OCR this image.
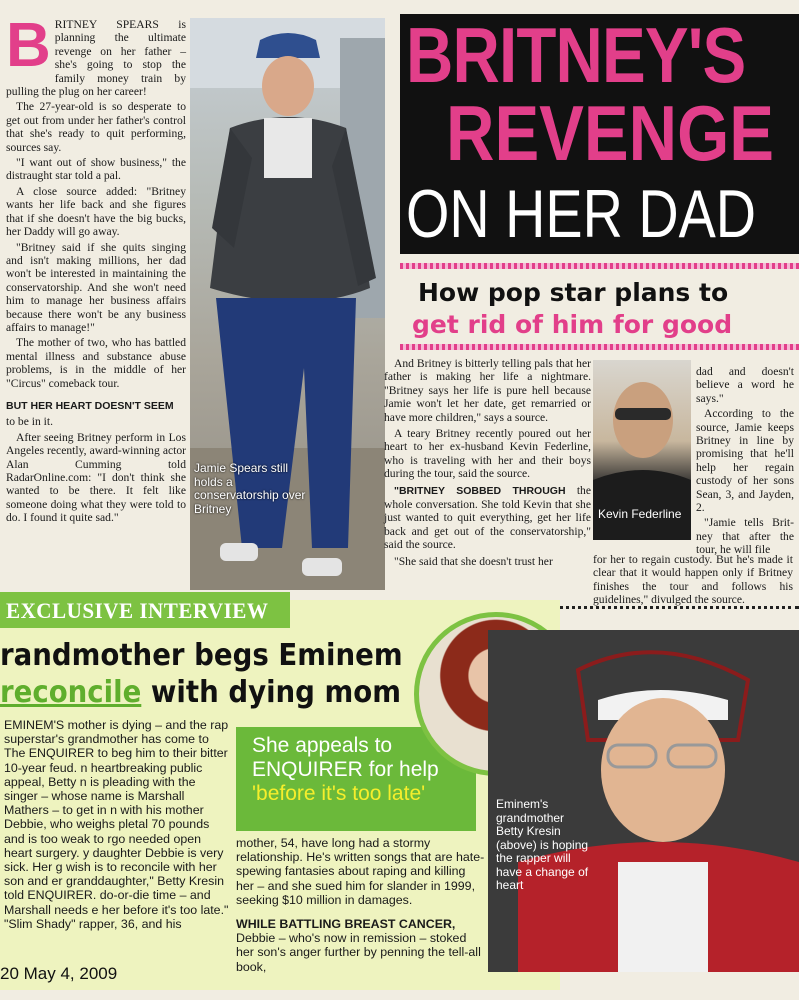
B RITNEY SPEARS is planning the ultimate revenge on her father – she's going to stop the family money train by pulling the plug on her career!

The 27-year-old is so desperate to get out from under her father's control that she's ready to quit performing, sources say.

"I want out of show business," the distraught star told a pal.

A close source added: "Britney wants her life back and she figures that if she doesn't have the big bucks, her Daddy will go away.

"Britney said if she quits singing and isn't making millions, her dad won't be interested in maintaining the conservatorship. And she won't need him to manage her business affairs because there won't be any business affairs to manage!"

The mother of two, who has battled mental illness and substance abuse problems, is in the middle of her "Circus" comeback tour.

BUT HER HEART DOESN'T SEEM

to be in it.

After seeing Britney perform in Los Angeles recently, award-winning actor Alan Cumming told RadarOnline.com: "I don't think she wanted to be there. It felt like someone doing what they were told to do. I found it quite sad."

Jamie Spears still holds a conservatorship over Britney
BRITNEY'S
REVENGE
ON HER DAD
How pop star plans to
get rid of him for good

And Britney is bitterly telling pals that her father is making her life a nightmare. "Britney says her life is pure hell because Jamie won't let her date, get remarried or have more children," says a source.

A teary Britney recently poured out her heart to her ex-husband Kevin Federline, who is traveling with her and their boys during the tour, said the source.

"BRITNEY SOBBED THROUGH the whole conversation. She told Kevin that she just wanted to quit everything, get her life back and get out of the conservatorship," said the source.

"She said that she doesn't trust her

Kevin Federline

dad and doesn't believe a word he says."

According to the source, Jamie keeps Britney in line by promising that he'll help her regain custody of her sons Sean, 3, and Jayden, 2.

"Jamie tells Brit-ney that after the tour, he will file

for her to regain custody. But he's made it clear that it would happen only if Britney finishes the tour and follows his guidelines," divulged the source.
EXCLUSIVE INTERVIEW
randmother begs Eminem
reconcile with dying mom

EMINEM'S mother is dying – and the rap superstar's grandmother has come to The ENQUIRER to beg him to their bitter 10-year feud. n heartbreaking public appeal, Betty n is pleading with the singer – whose name is Marshall Mathers – to get in n with his mother Debbie, who weighs pletal 70 pounds and is too weak to rgo needed open heart surgery. y daughter Debbie is very sick. Her g wish is to reconcile with her son and er granddaughter," Betty Kresin told ENQUIRER. do-or-die time – and Marshall needs e her before it's too late." "Slim Shady" rapper, 36, and his

She appeals to ENQUIRER for help
'before it's too late'

mother, 54, have long had a stormy relationship. He's written songs that are hate-spewing fantasies about raping and killing her – and she sued him for slander in 1999, seeking $10 million in damages.

WHILE BATTLING BREAST CANCER, Debbie – who's now in remission – stoked her son's anger further by penning the tell-all book,

Eminem's grandmother Betty Kresin (above) is hoping the rapper will have a change of heart
20 May 4, 2009
